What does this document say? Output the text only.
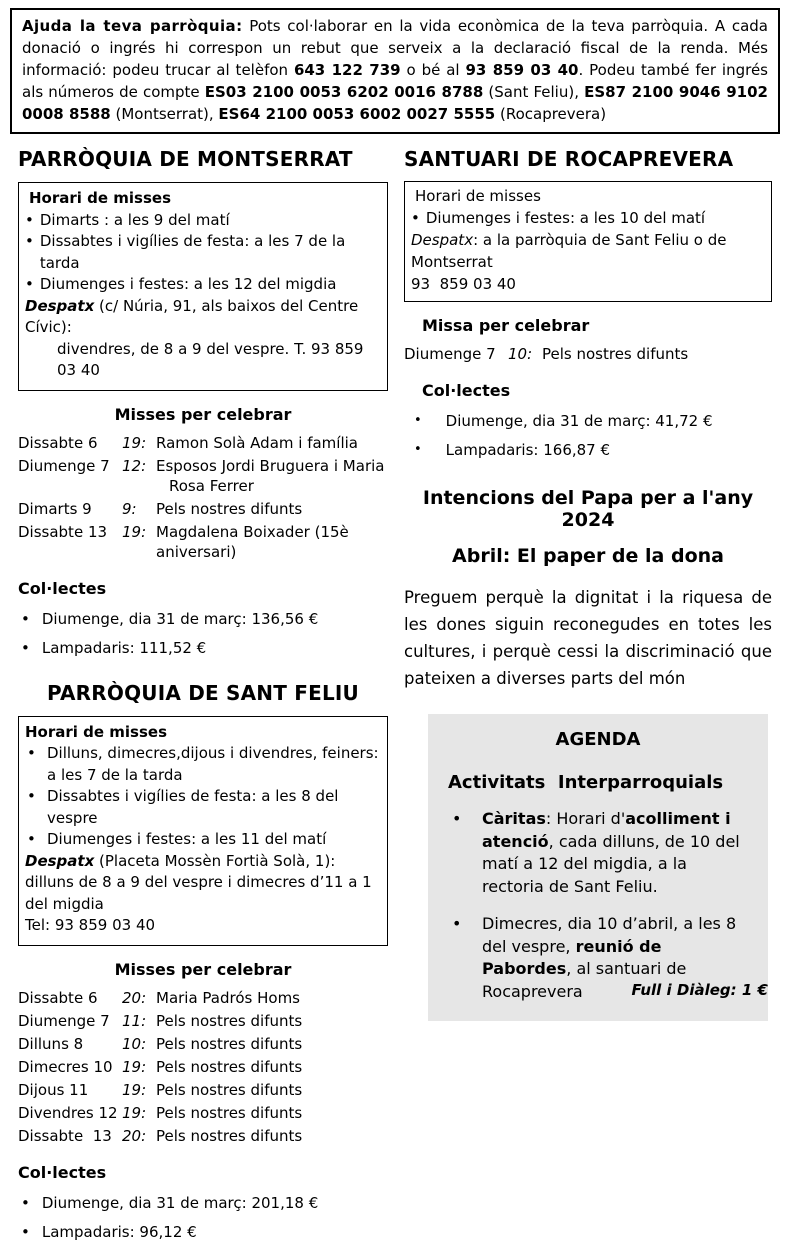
Ajuda la teva parròquia: Pots col·laborar en la vida econòmica de la teva parròquia. A cada donació o ingrés hi correspon un rebut que serveix a la declaració fiscal de la renda. Més informació: podeu trucar al telèfon 643 122 739 o bé al 93 859 03 40. Podeu també fer ingrés als números de compte ES03 2100 0053 6202 0016 8788 (Sant Feliu), ES87 2100 9046 9102 0008 8588 (Montserrat), ES64 2100 0053 6002 0027 5555 (Rocaprevera)
PARRÒQUIA DE MONTSERRAT
Horari de misses
•
Dimarts : a les 9 del matí
•
Dissabtes i vigílies de festa: a les 7 de la tarda
•
Diumenges i festes: a les 12 del migdia
Despatx (c/ Núria, 91, als baixos del Centre Cívic):
divendres, de 8 a 9 del vespre. T. 93 859 03 40
Misses per celebrar
Dissabte 6	19: Ramon Solà Adam i família
Diumenge 7 12: Esposos Jordi Bruguera i Maria
Rosa Ferrer
Dimarts 9	9:	Pels nostres difunts
Dissabte 13 19: Magdalena Boixader (15è aniversari)
Col·lectes
•
Diumenge, dia 31 de març: 136,56 €
•
Lampadaris: 111,52 €
PARRÒQUIA DE SANT FELIU
Horari de misses
•
Dilluns, dimecres,dijous i divendres, feiners: a les 7 de la tarda
•
Dissabtes i vigílies de festa: a les 8 del vespre
•
Diumenges i festes: a les 11 del matí
Despatx (Placeta Mossèn Fortià Solà, 1): dilluns de 8 a 9 del vespre i dimecres d’11 a 1 del migdia
Tel: 93 859 03 40
Misses per celebrar
Dissabte 6	20: Maria Padrós Homs
Diumenge 7 11: Pels nostres difunts
Dilluns 8	10: Pels nostres difunts
Dimecres 10 19: Pels nostres difunts
Dijous 11	19: Pels nostres difunts
Divendres 12 19: Pels nostres difunts
Dissabte  13 20: Pels nostres difunts
Col·lectes
•
Diumenge, dia 31 de març: 201,18 €
•
Lampadaris: 96,12 €
SANTUARI DE ROCAPREVERA
Horari de misses
•
Diumenges i festes: a les 10 del matí
Despatx: a la parròquia de Sant Feliu o de Montserrat
93  859 03 40
Missa per celebrar
Diumenge 7 10: Pels nostres difunts
Col·lectes
•
Diumenge, dia 31 de març: 41,72 €
•
Lampadaris: 166,87 €
Intencions del Papa per a l'any 2024
Abril: El paper de la dona
Preguem perquè la dignitat i la riquesa de les dones siguin reconegudes en totes les cultures, i perquè cessi la discriminació que pateixen a diverses parts del món
AGENDA
Activitats  Interparroquials
•
Càritas: Horari d'acolliment i atenció, cada dilluns, de 10 del matí a 12 del migdia, a la rectoria de Sant Feliu.
•
Dimecres, dia 10 d’abril, a les 8 del vespre, reunió de Pabordes, al santuari de Rocaprevera	Full i Diàleg: 1 €
